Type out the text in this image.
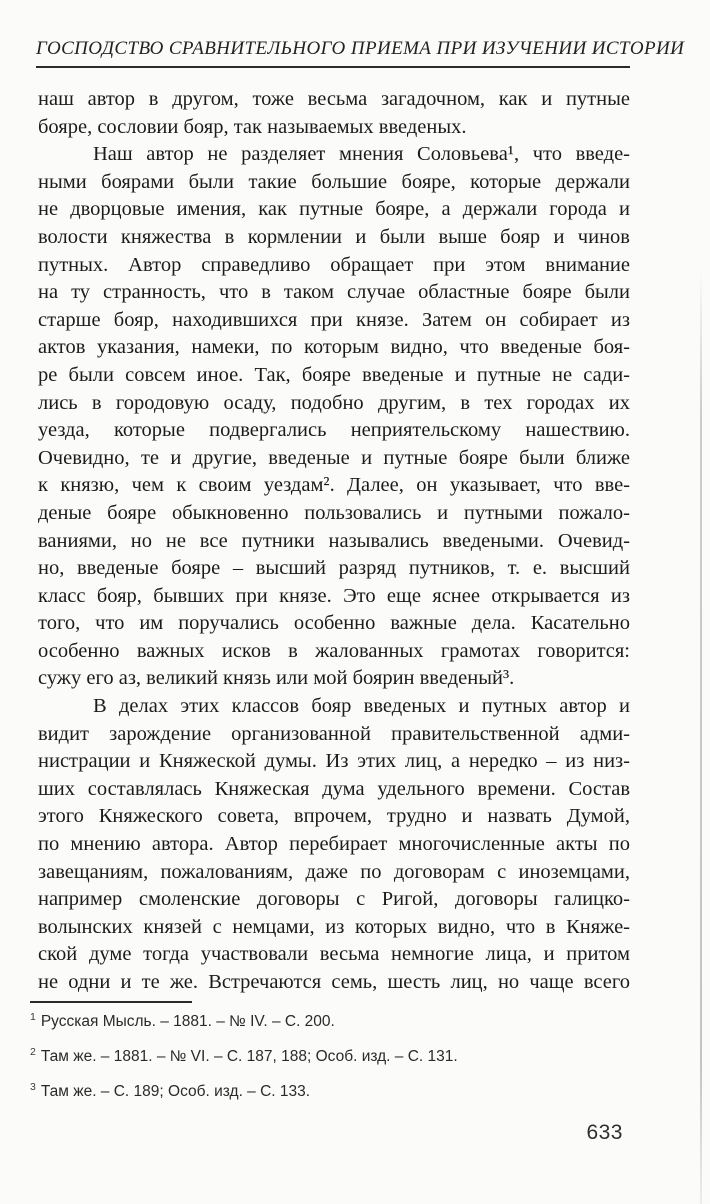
ГОСПОДСТВО СРАВНИТЕЛЬНОГО ПРИЕМА ПРИ ИЗУЧЕНИИ ИСТОРИИ
наш автор в другом, тоже весьма загадочном, как и путные
бояре, сословии бояр, так называемых введеных.
Наш автор не разделяет мнения Соловьева¹, что введе-
ными боярами были такие большие бояре, которые держали
не дворцовые имения, как путные бояре, а держали города и
волости княжества в кормлении и были выше бояр и чинов
путных. Автор справедливо обращает при этом внимание
на ту странность, что в таком случае областные бояре были
старше бояр, находившихся при князе. Затем он собирает из
актов указания, намеки, по которым видно, что введеные боя-
ре были совсем иное. Так, бояре введеные и путные не сади-
лись в городовую осаду, подобно другим, в тех городах их
уезда, которые подвергались неприятельскому нашествию.
Очевидно, те и другие, введеные и путные бояре были ближе
к князю, чем к своим уездам². Далее, он указывает, что вве-
деные бояре обыкновенно пользовались и путными пожало-
ваниями, но не все путники назывались введеными. Очевид-
но, введеные бояре – высший разряд путников, т. е. высший
класс бояр, бывших при князе. Это еще яснее открывается из
того, что им поручались особенно важные дела. Касательно
особенно важных исков в жалованных грамотах говорится:
сужу его аз, великий князь или мой боярин введеный³.
В делах этих классов бояр введеных и путных автор и
видит зарождение организованной правительственной адми-
нистрации и Княжеской думы. Из этих лиц, а нередко – из низ-
ших составлялась Княжеская дума удельного времени. Состав
этого Княжеского совета, впрочем, трудно и назвать Думой,
по мнению автора. Автор перебирает многочисленные акты по
завещаниям, пожалованиям, даже по договорам с иноземцами,
например смоленские договоры с Ригой, договоры галицко-
волынских князей с немцами, из которых видно, что в Княже-
ской думе тогда участвовали весьма немногие лица, и притом
не одни и те же. Встречаются семь, шесть лиц, но чаще всего
$^1$ Русская Мысль. – 1881. – № IV. – С. 200.
$^2$ Там же. – 1881. – № VI. – С. 187, 188; Особ. изд. – С. 131.
$^3$ Там же. – С. 189; Особ. изд. – С. 133.
633
